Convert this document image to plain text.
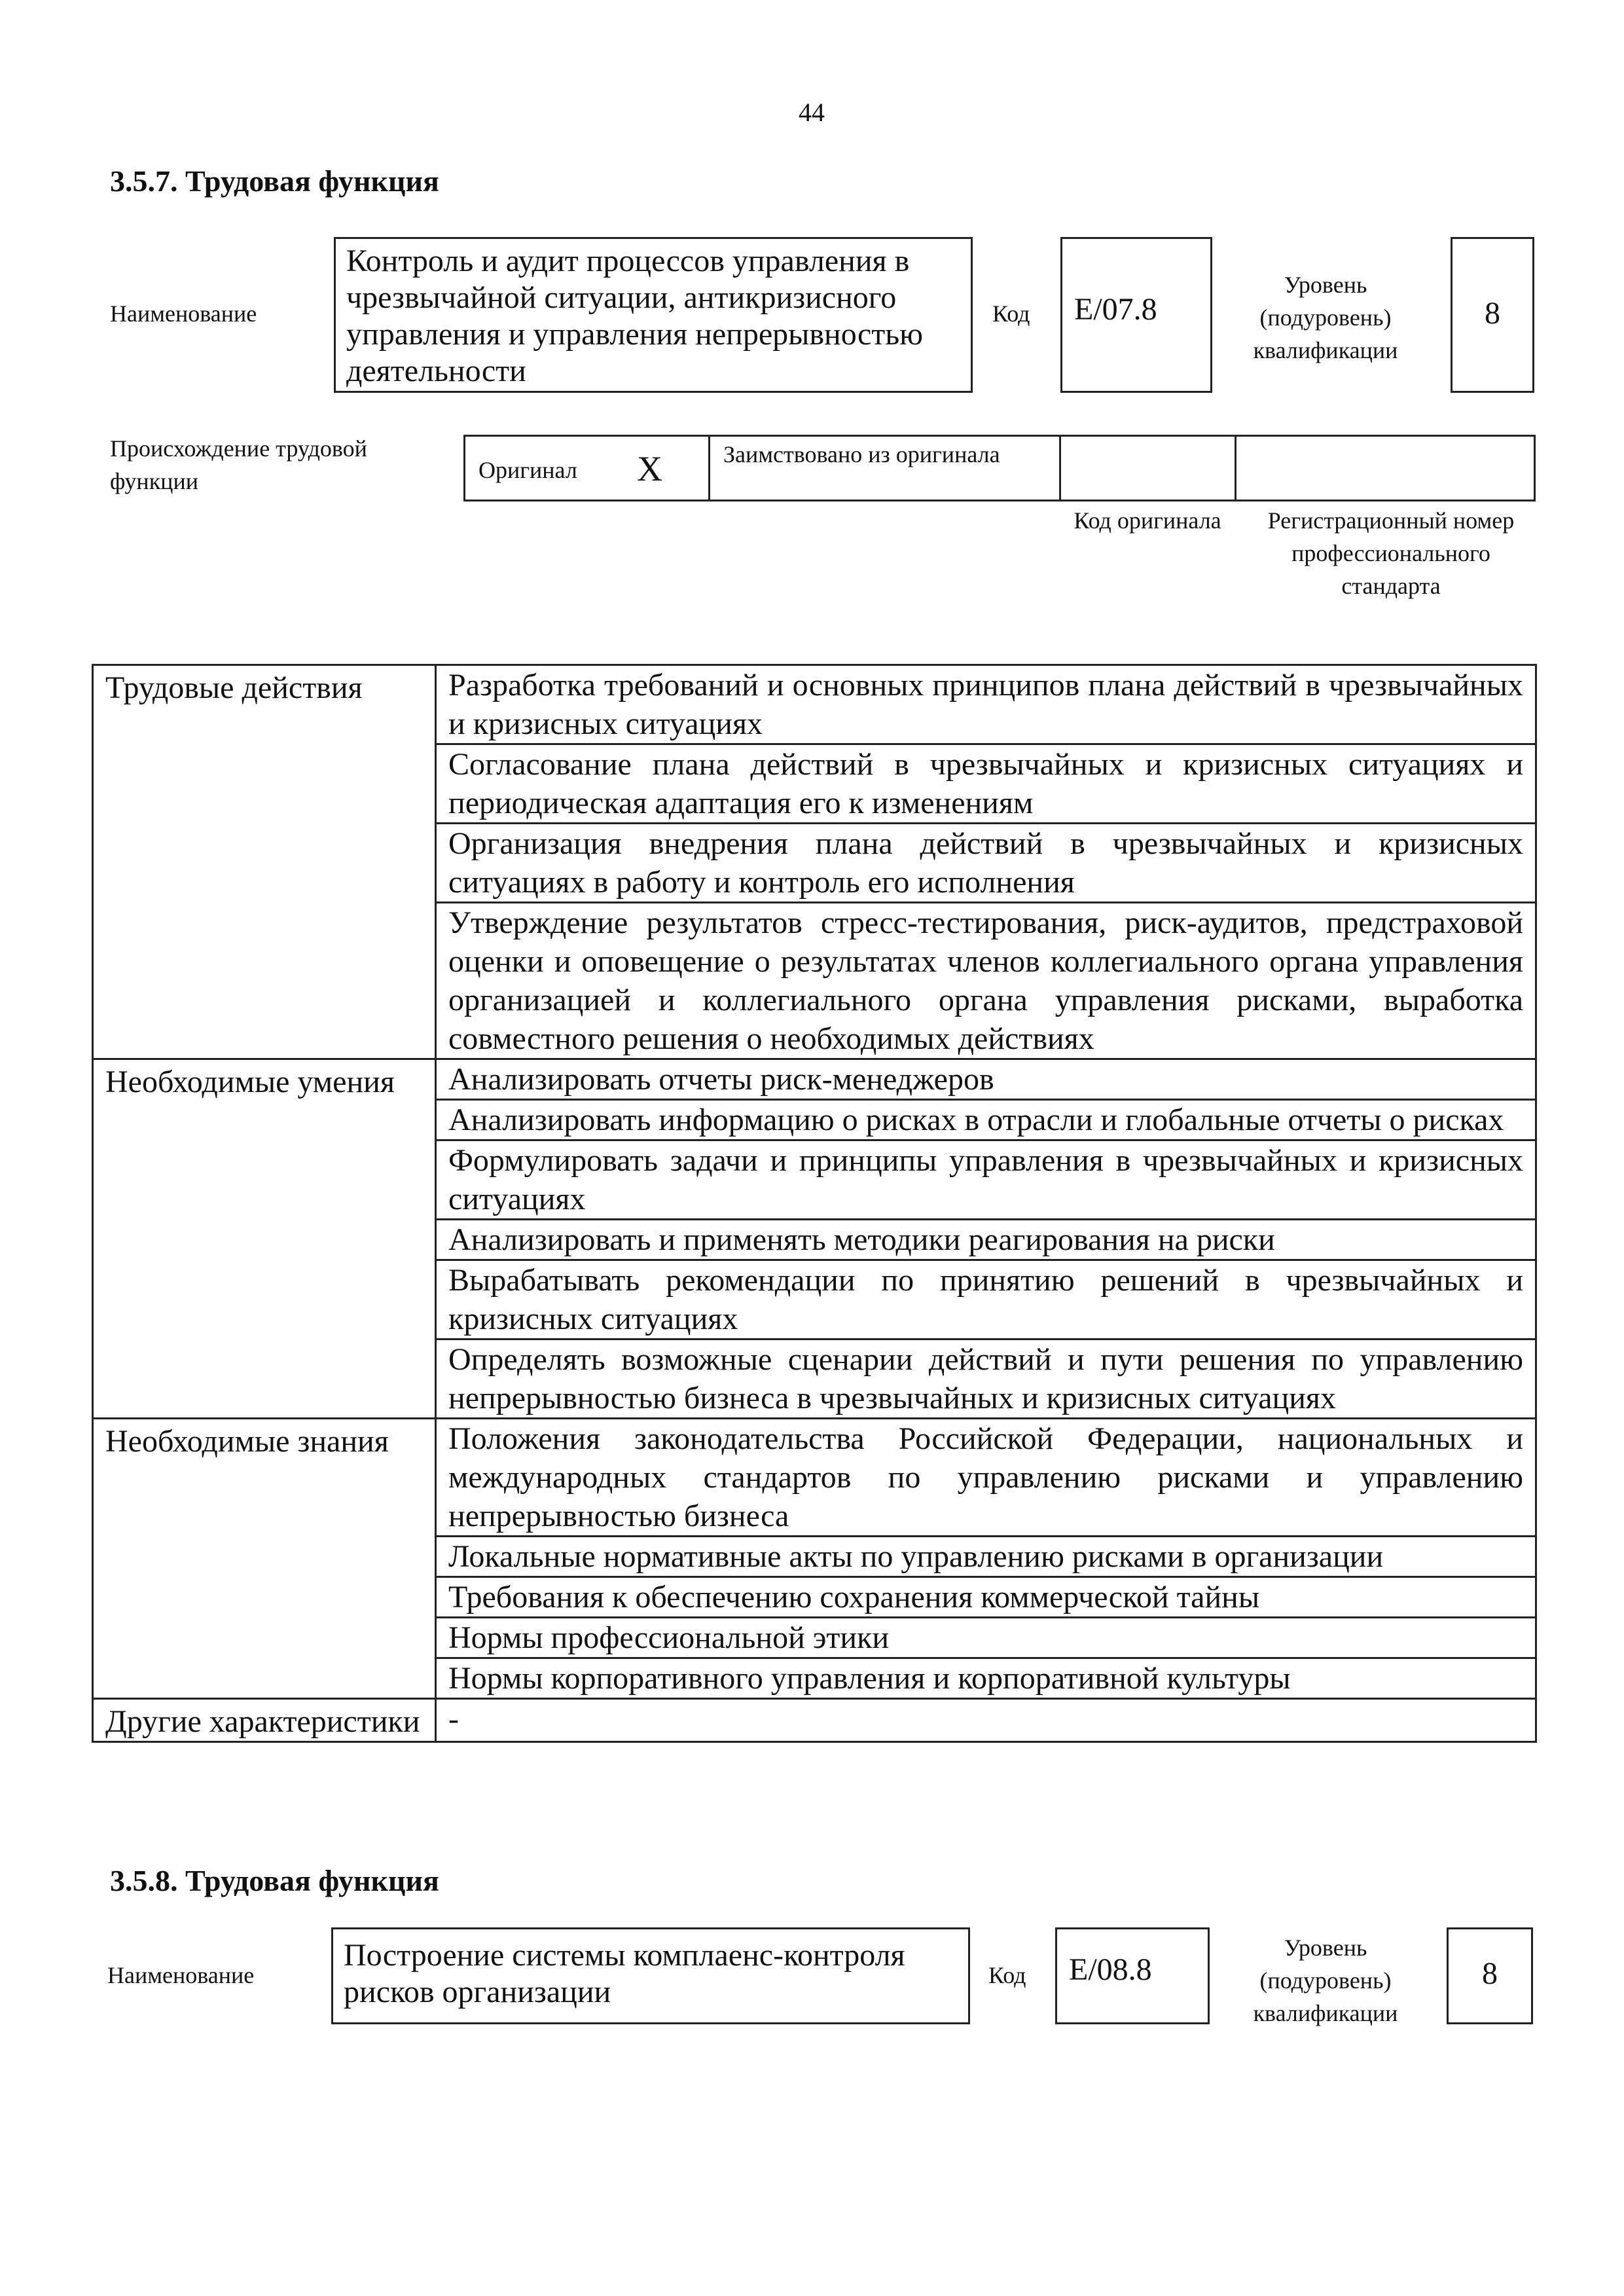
44
3.5.7. Трудовая функция
Наименование
Контроль и аудит процессов управления в чрезвычайной ситуации, антикризисного управления и управления непрерывностью деятельности
Код	E/07.8
Уровень (подуровень) квалификации
8
Происхождение трудовой функции	Оригинал X	Заимствовано из оригинала
Код оригинала	Регистрационный номер профессионального стандарта
Трудовые действия	Разработка требований и основных принципов плана действий в чрезвычайных и кризисных ситуациях
	Согласование плана действий в чрезвычайных и кризисных ситуациях и периодическая адаптация его к изменениям
	Организация внедрения плана действий в чрезвычайных и кризисных ситуациях в работу и контроль его исполнения
	Утверждение результатов стресс-тестирования, риск-аудитов, предстраховой оценки и оповещение о результатах членов коллегиального органа управления организацией и коллегиального органа управления рисками, выработка совместного решения о необходимых действиях
Необходимые умения	Анализировать отчеты риск-менеджеров
	Анализировать информацию о рисках в отрасли и глобальные отчеты о рисках
	Формулировать задачи и принципы управления в чрезвычайных и кризисных ситуациях
	Анализировать и применять методики реагирования на риски
	Вырабатывать рекомендации по принятию решений в чрезвычайных и кризисных ситуациях
	Определять возможные сценарии действий и пути решения по управлению непрерывностью бизнеса в чрезвычайных и кризисных ситуациях
Необходимые знания	Положения законодательства Российской Федерации, национальных и международных стандартов по управлению рисками и управлению непрерывностью бизнеса
	Локальные нормативные акты по управлению рисками в организации
	Требования к обеспечению сохранения коммерческой тайны
	Нормы профессиональной этики
	Нормы корпоративного управления и корпоративной культуры
Другие характеристики	-
3.5.8. Трудовая функция
Наименование
Построение системы комплаенс-контроля рисков организации	Код	E/08.8
Уровень (подуровень) квалификации
8
